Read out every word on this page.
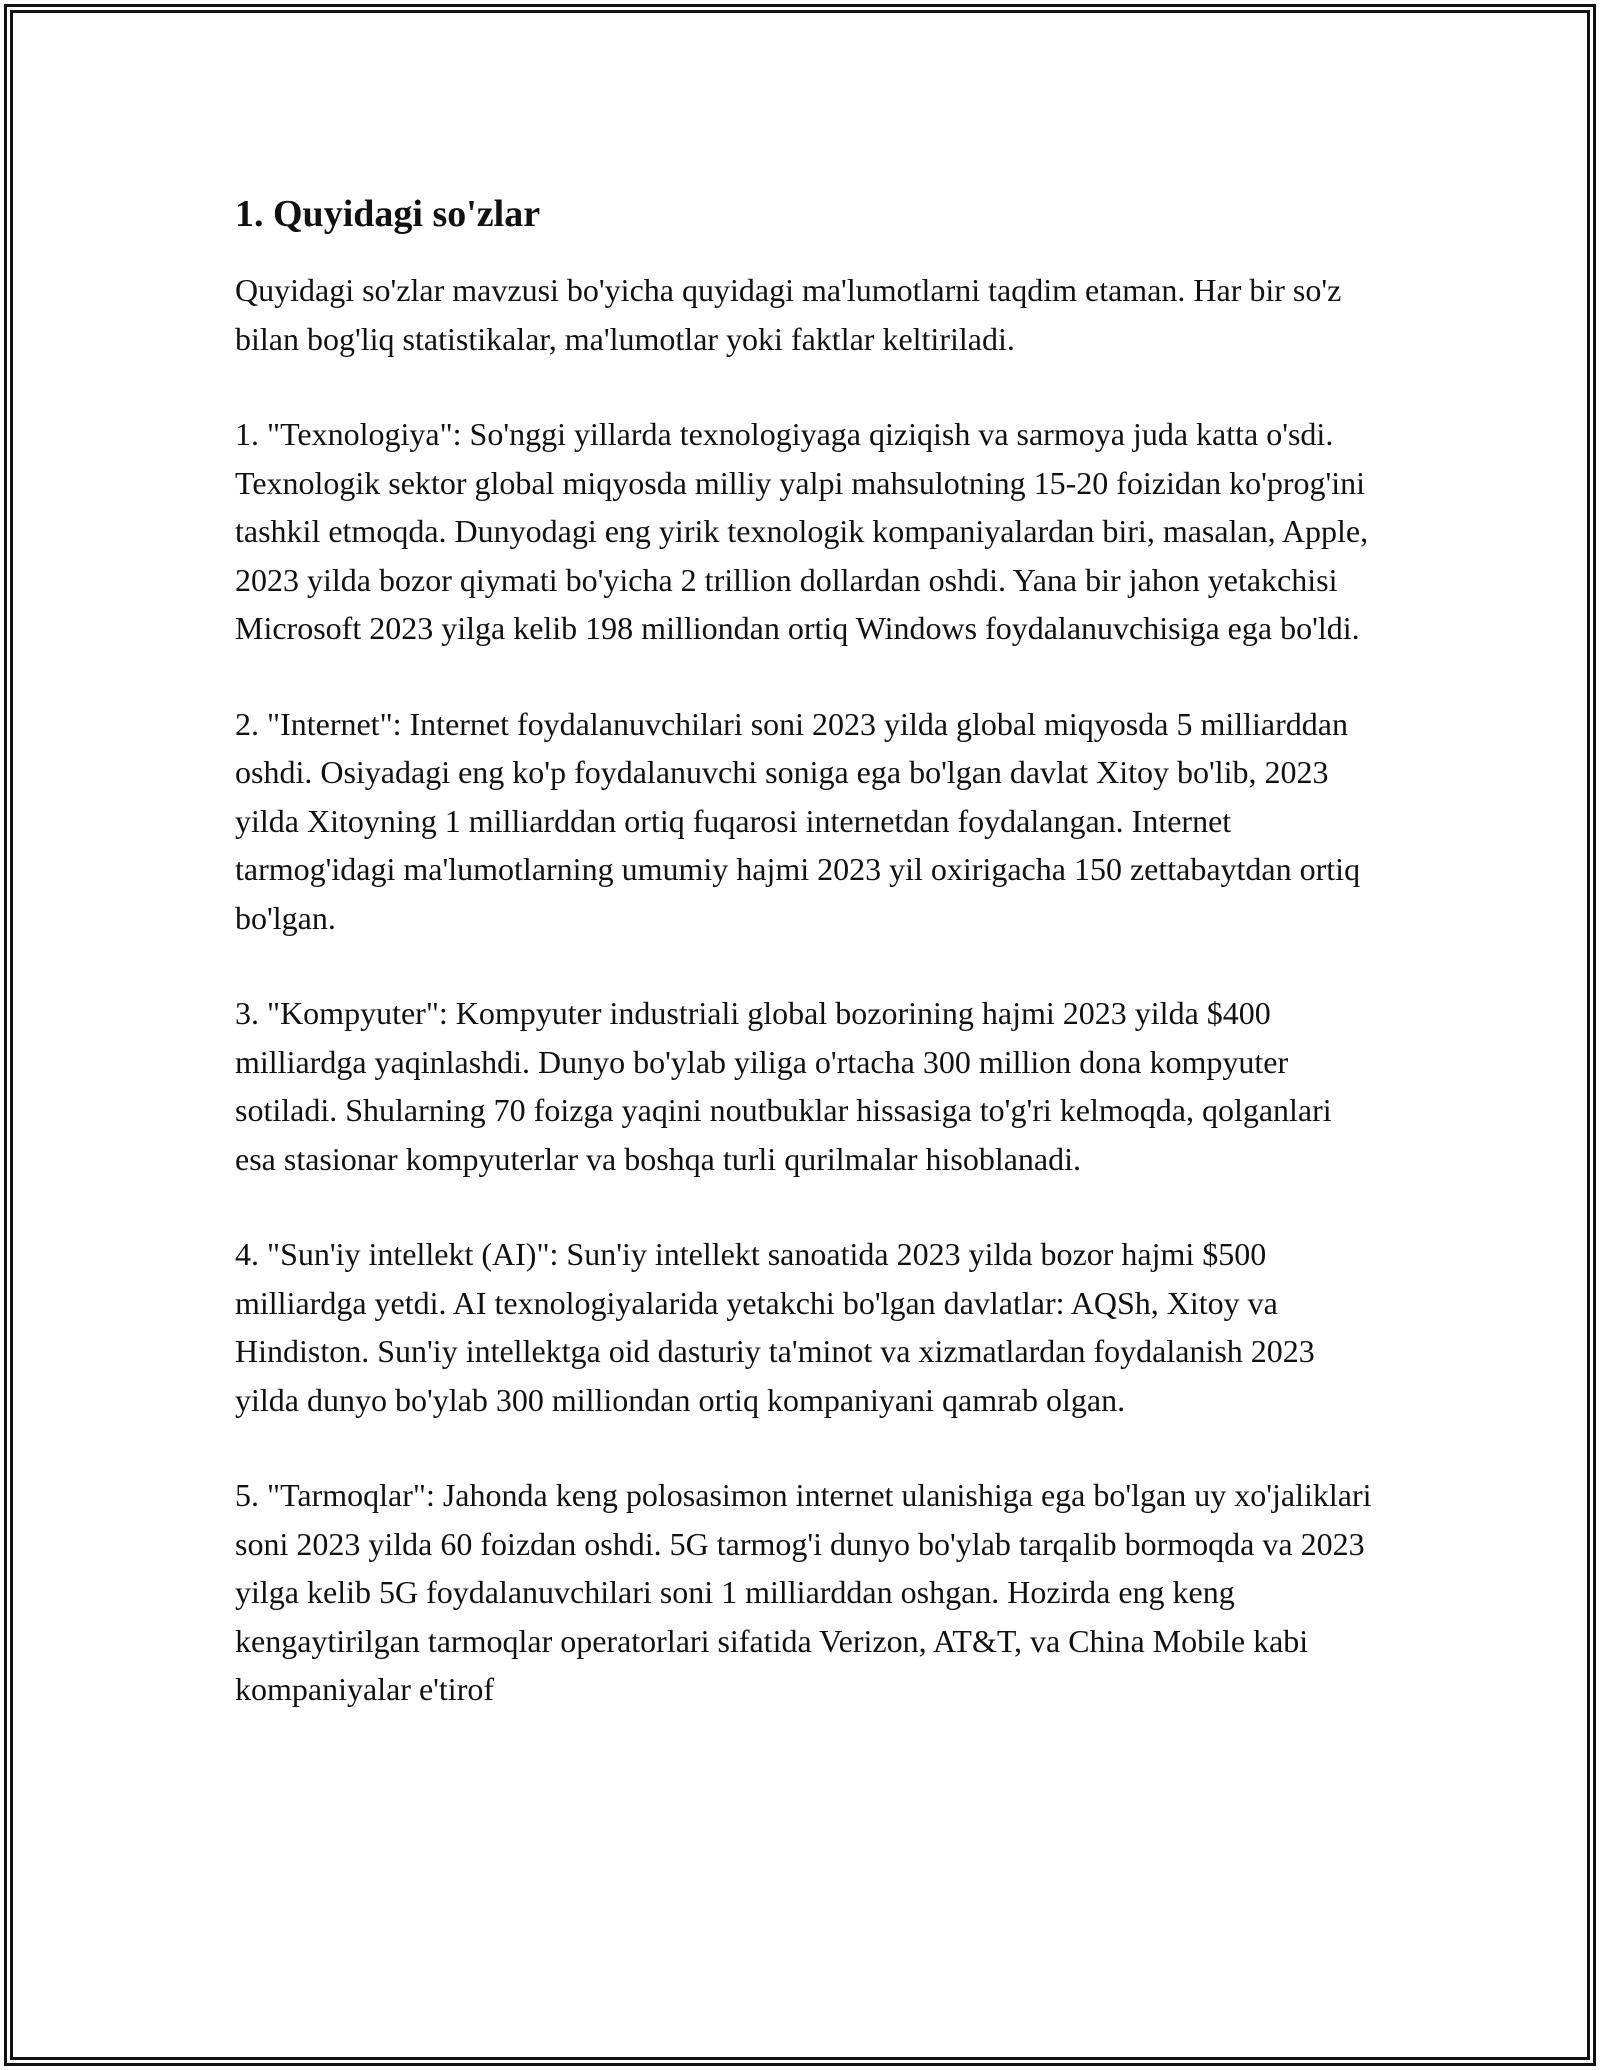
1. Quyidagi so'zlar

Quyidagi so'zlar mavzusi bo'yicha quyidagi ma'lumotlarni taqdim etaman. Har bir so'z bilan bog'liq statistikalar, ma'lumotlar yoki faktlar keltiriladi.

1. "Texnologiya": So'nggi yillarda texnologiyaga qiziqish va sarmoya juda katta o'sdi. Texnologik sektor global miqyosda milliy yalpi mahsulotning 15-20 foizidan ko'prog'ini tashkil etmoqda. Dunyodagi eng yirik texnologik kompaniyalardan biri, masalan, Apple, 2023 yilda bozor qiymati bo'yicha 2 trillion dollardan oshdi. Yana bir jahon yetakchisi Microsoft 2023 yilga kelib 198 milliondan ortiq Windows foydalanuvchisiga ega bo'ldi.

2. "Internet": Internet foydalanuvchilari soni 2023 yilda global miqyosda 5 milliarddan oshdi. Osiyadagi eng ko'p foydalanuvchi soniga ega bo'lgan davlat Xitoy bo'lib, 2023 yilda Xitoyning 1 milliarddan ortiq fuqarosi internetdan foydalangan. Internet tarmog'idagi ma'lumotlarning umumiy hajmi 2023 yil oxirigacha 150 zettabaytdan ortiq bo'lgan.

3. "Kompyuter": Kompyuter industriali global bozorining hajmi 2023 yilda $400 milliardga yaqinlashdi. Dunyo bo'ylab yiliga o'rtacha 300 million dona kompyuter sotiladi. Shularning 70 foizga yaqini noutbuklar hissasiga to'g'ri kelmoqda, qolganlari esa stasionar kompyuterlar va boshqa turli qurilmalar hisoblanadi.

4. "Sun'iy intellekt (AI)": Sun'iy intellekt sanoatida 2023 yilda bozor hajmi $500 milliardga yetdi. AI texnologiyalarida yetakchi bo'lgan davlatlar: AQSh, Xitoy va Hindiston. Sun'iy intellektga oid dasturiy ta'minot va xizmatlardan foydalanish 2023 yilda dunyo bo'ylab 300 milliondan ortiq kompaniyani qamrab olgan.

5. "Tarmoqlar": Jahonda keng polosasimon internet ulanishiga ega bo'lgan uy xo'jaliklari soni 2023 yilda 60 foizdan oshdi. 5G tarmog'i dunyo bo'ylab tarqalib bormoqda va 2023 yilga kelib 5G foydalanuvchilari soni 1 milliarddan oshgan. Hozirda eng keng kengaytirilgan tarmoqlar operatorlari sifatida Verizon, AT&T, va China Mobile kabi kompaniyalar e'tirof
